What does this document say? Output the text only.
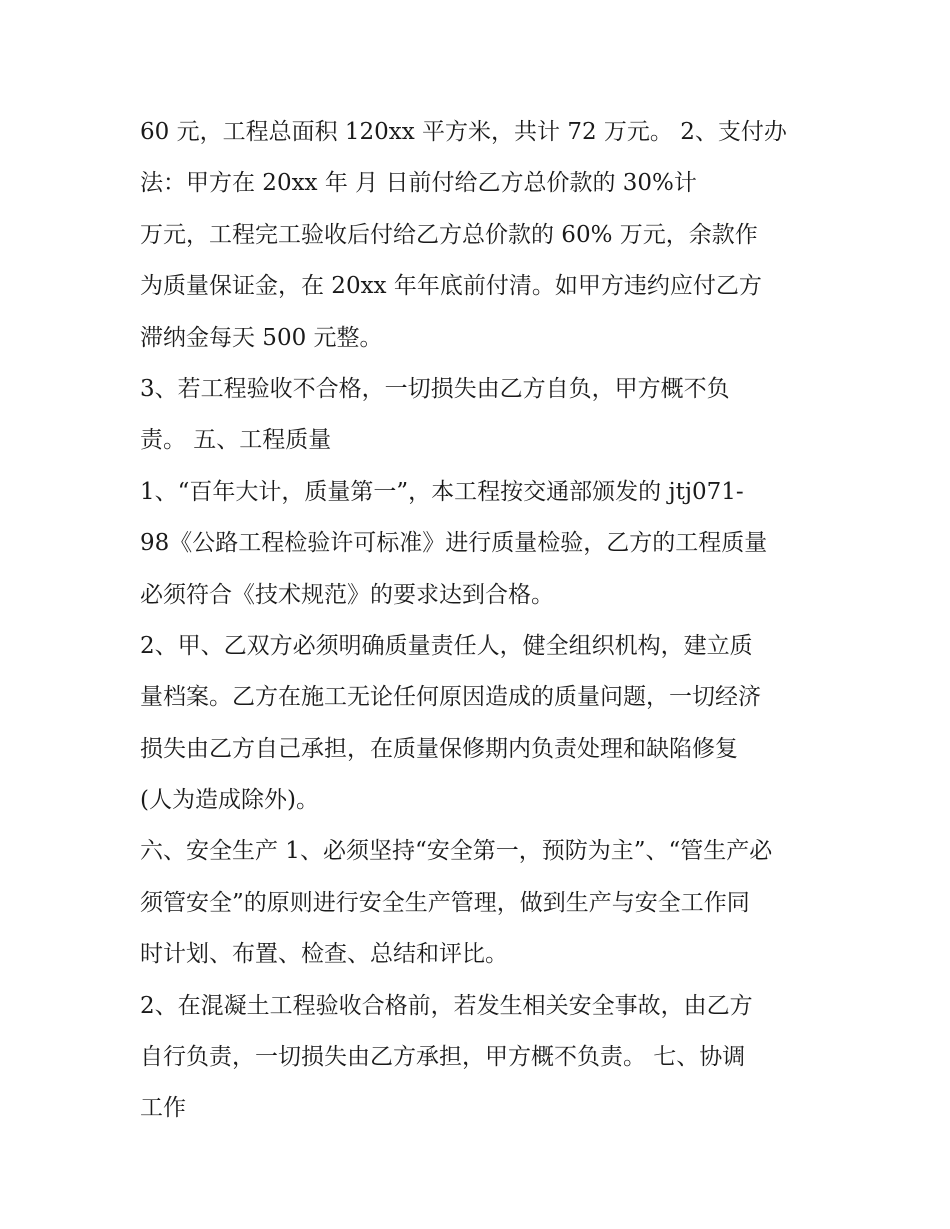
60 元，工程总面积 120xx 平方米，共计 72 万元。 2、支付办
法：甲方在 20xx 年 月 日前付给乙方总价款的 30%计
万元，工程完工验收后付给乙方总价款的 60% 万元，余款作
为质量保证金，在 20xx 年年底前付清。如甲方违约应付乙方
滞纳金每天 500 元整。
3、若工程验收不合格，一切损失由乙方自负，甲方概不负
责。 五、工程质量
1、“百年大计，质量第一”，本工程按交通部颁发的 jtj071-
98《公路工程检验许可标准》进行质量检验，乙方的工程质量
必须符合《技术规范》的要求达到合格。
2、甲、乙双方必须明确质量责任人，健全组织机构，建立质
量档案。乙方在施工无论任何原因造成的质量问题，一切经济
损失由乙方自己承担，在质量保修期内负责处理和缺陷修复
(人为造成除外)。
六、安全生产 1、必须坚持“安全第一，预防为主”、“管生产必
须管安全”的原则进行安全生产管理，做到生产与安全工作同
时计划、布置、检查、总结和评比。
2、在混凝土工程验收合格前，若发生相关安全事故，由乙方
自行负责，一切损失由乙方承担，甲方概不负责。 七、协调
工作
